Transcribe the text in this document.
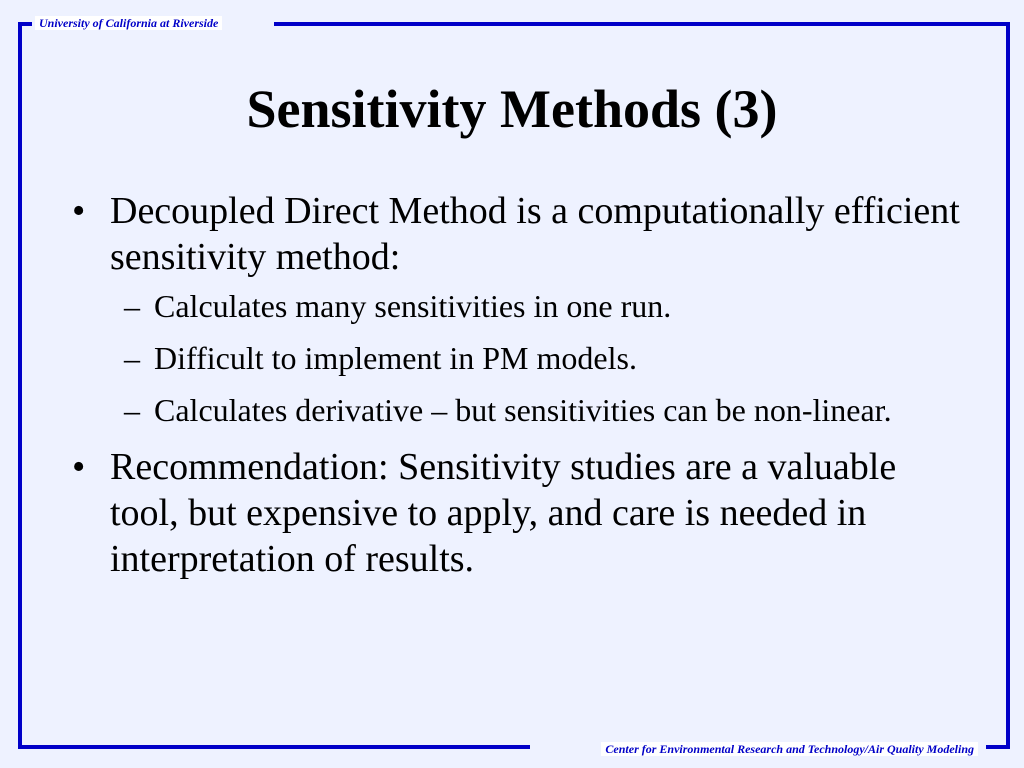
University of California at Riverside
Center for Environmental Research and Technology/Air Quality Modeling
Sensitivity Methods (3)
• Decoupled Direct Method is a computationally efficient sensitivity method:
– Calculates many sensitivities in one run.
– Difficult to implement in PM models.
– Calculates derivative – but sensitivities can be non-linear.
• Recommendation: Sensitivity studies are a valuable tool, but expensive to apply, and care is needed in interpretation of results.
